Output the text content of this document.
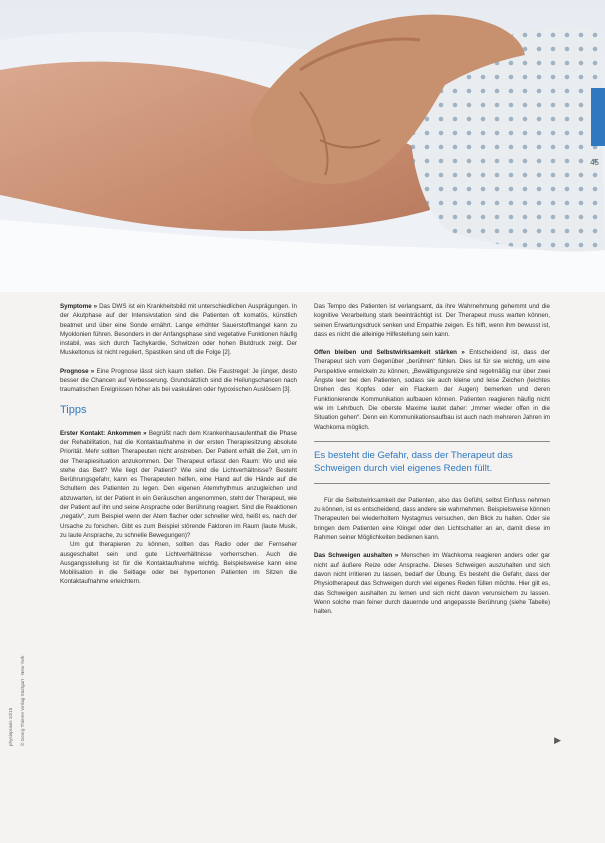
45
physiopraxis 10/15 © Georg Thieme Verlag Stuttgart · New York

Symptome » Das DWS ist ein Krankheitsbild mit unterschiedlichen Ausprägungen. In der Akutphase auf der Intensivstation sind die Patienten oft komatös, künstlich beatmet und über eine Sonde ernährt. Lange erhöhter Sauerstoffmangel kann zu Myoklonien führen. Besonders in der Anfangsphase sind vegetative Funktionen häufig instabil, was sich durch Tachykardie, Schwitzen oder hohen Blutdruck zeigt. Der Muskeltonus ist nicht reguliert, Spastiken sind oft die Folge [2].

Prognose » Eine Prognose lässt sich kaum stellen. Die Faustregel: Je jünger, desto besser die Chancen auf Verbesserung. Grundsätzlich sind die Heilungschancen nach traumatischen Ereignissen höher als bei vaskulären oder hypoxischen Auslösern [3].

Tipps

Erster Kontakt: Ankommen » Begrüßt nach dem Krankenhausaufenthalt die Phase der Rehabilitation, hat die Kontaktaufnahme in der ersten Therapiesitzung absolute Priorität. Mehr sollten Therapeuten nicht anstreben. Der Patient erhält die Zeit, um in der Therapiesituation anzukommen. Der Therapeut erfasst den Raum: Wo und wie stehe das Bett? Wie liegt der Patient? Wie sind die Lichtverhältnisse? Besteht Berührungsgefahr, kann es Therapeuten helfen, eine Hand auf die Hände auf die Schultern des Patienten zu legen. Den eigenen Atemrhythmus anzugleichen und abzuwarten, ist der Patient in ein Geräuschen angenommen, steht der Therapeut, wie der Patient auf ihn und seine Ansprache oder Berührung reagiert. Sind die Reaktionen „negativ“, zum Beispiel wenn der Atem flacher oder schneller wird, heißt es, nach der Ursache zu forschen. Gibt es zum Beispiel störende Faktoren im Raum (laute Musik, zu laute Ansprache, zu schnelle Bewegungen)?

Um gut therapieren zu können, sollten das Radio oder der Fernseher ausgeschaltet sein und gute Lichtverhältnisse vorherrschen. Auch die Ausgangsstellung ist für die Kontaktaufnahme wichtig. Beispielsweise kann eine Mobilisation in die Seitlage oder bei hypertonen Patienten im Sitzen die Kontaktaufnahme erleichtern.

Das Tempo des Patienten ist verlangsamt, da ihre Wahrnehmung gehemmt und die kognitive Verarbeitung stark beeinträchtigt ist. Der Therapeut muss warten können, seinen Erwartungsdruck senken und Empathie zeigen. Es hilft, wenn ihm bewusst ist, dass es nicht die alleinige Hilfestellung sein kann.

Offen bleiben und Selbstwirksamkeit stärken » Entscheidend ist, dass der Therapeut sich vom Gegenüber „berühren“ fühlen. Dies ist für sie wichtig, um eine Perspektive entwickeln zu können, „Bewältigungsreize sind regelmäßig nur über zwei Ängste leer bei den Patienten, sodass sie auch kleine und leise Zeichen (leichtes Drehen des Kopfes oder ein Flackern der Augen) bemerken und deren Funktionierende Kommunikation aufbauen können. Patienten reagieren häufig nicht wie im Lehrbuch. Die oberste Maxime lautet daher: „Immer wieder offen in die Situation gehen“. Denn ein Kommunikationsaufbau ist auch nach mehreren Jahren im Wachkoma möglich.

Es besteht die Gefahr, dass der Therapeut das Schweigen durch viel eigenes Reden füllt.

Für die Selbstwirksamkeit der Patienten, also das Gefühl, selbst Einfluss nehmen zu können, ist es entscheidend, dass andere sie wahrnehmen. Beispielsweise können Therapeuten bei wiederholtem Nystagmus versuchen, den Blick zu halten. Oder sie bringen dem Patienten eine Klingel oder den Lichtschalter an an, damit diese im Rahmen seiner Möglichkeiten bedienen kann.

Das Schweigen aushalten » Menschen im Wachkoma reagieren anders oder gar nicht auf äußere Reize oder Ansprache. Dieses Schweigen auszuhalten und sich davon nicht irritieren zu lassen, bedarf der Übung. Es besteht die Gefahr, dass der Physiotherapeut das Schweigen durch viel eigenes Reden füllen möchte. Hier gilt es, das Schweigen aushalten zu lernen und sich nicht davon verunsichern zu lassen. Wenn solche man feiner durch dauernde und angepasste Berührung (siehe Tabelle) halten.

▶
